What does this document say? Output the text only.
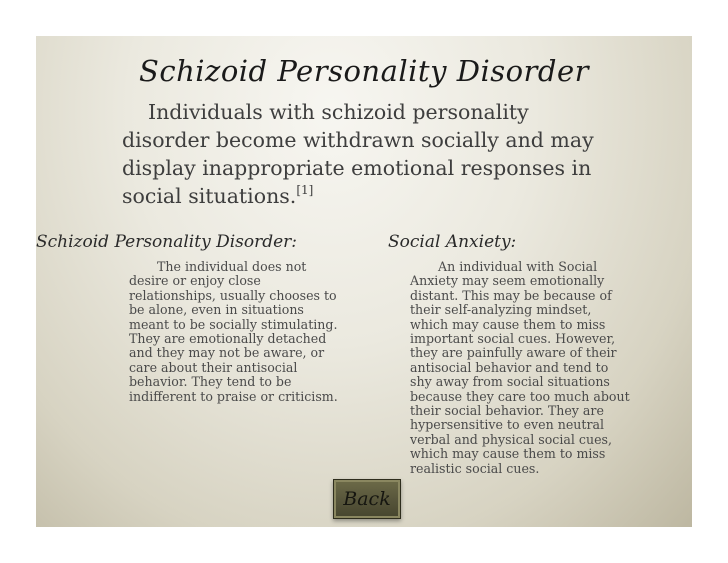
Schizoid Personality Disorder
Individuals with schizoid personality
disorder become withdrawn socially and may
display inappropriate emotional responses in
social situations.[1]
Schizoid Personality Disorder:	Social Anxiety:
The individual does not
desire or enjoy close
relationships, usually chooses to
be alone, even in situations
meant to be socially stimulating.
They are emotionally detached
and they may not be aware, or
care about their antisocial
behavior. They tend to be
indifferent to praise or criticism.
An individual with Social
Anxiety may seem emotionally
distant. This may be because of
their self-analyzing mindset,
which may cause them to miss
important social cues. However,
they are painfully aware of their
antisocial behavior and tend to
shy away from social situations
because they care too much about
their social behavior. They are
hypersensitive to even neutral
verbal and physical social cues,
which may cause them to miss
realistic social cues.
Back
